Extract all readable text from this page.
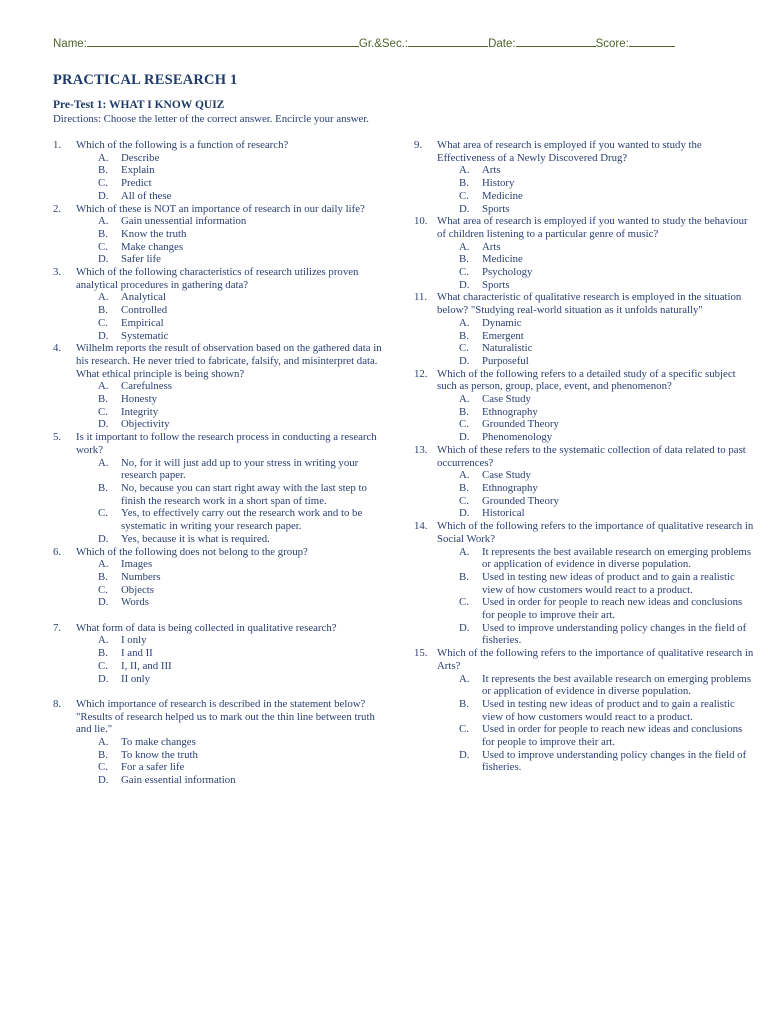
Name:	Gr.&Sec.:	Date:	Score:
PRACTICAL RESEARCH 1
Pre-Test 1: WHAT I KNOW QUIZ

Directions: Choose the letter of the correct answer. Encircle your answer.

1.	Which of the following is a function of research?
A.	Describe
B.	Explain
C.	Predict
D.	All of these
2.	Which of these is NOT an importance of research in our daily life?
A.	Gain unessential information
B.	Know the truth
C.	Make changes
D.	Safer life
3.	Which of the following characteristics of research utilizes proven analytical procedures in gathering data?
A.	Analytical
B.	Controlled
C.	Empirical
D.	Systematic
4.	Wilhelm reports the result of observation based on the gathered data in his research. He never tried to fabricate, falsify, and misinterpret data. What ethical principle is being shown?
A.	Carefulness
B.	Honesty
C.	Integrity
D.	Objectivity
5.	Is it important to follow the research process in conducting a research work?
A.	No, for it will just add up to your stress in writing your research paper.
B.	No, because you can start right away with the last step to finish the research work in a short span of time.
C.	Yes, to effectively carry out the research work and to be systematic in writing your research paper.
D.	Yes, because it is what is required.
6.	Which of the following does not belong to the group?
A.	Images
B.	Numbers
C.	Objects
D.	Words
7.	What form of data is being collected in qualitative research?
A.	I only
B.	I and II
C.	I, II, and III
D.	II only
8.	Which importance of research is described in the statement below? "Results of research helped us to mark out the thin line between truth and lie."
A.	To make changes
B.	To know the truth
C.	For a safer life
D.	Gain essential information
9.	What area of research is employed if you wanted to study the Effectiveness of a Newly Discovered Drug?
A.	Arts
B.	History
C.	Medicine
D.	Sports
10. What area of research is employed if you wanted to study the behaviour of children listening to a particular genre of music?
A.	Arts
B.	Medicine
C.	Psychology
D.	Sports
11. What characteristic of qualitative research is employed in the situation below? "Studying real-world situation as it unfolds naturally"
A.	Dynamic
B.	Emergent
C.	Naturalistic
D.	Purposeful
12. Which of the following refers to a detailed study of a specific subject such as person, group, place, event, and phenomenon?
A.	Case Study
B.	Ethnography
C.	Grounded Theory
D.	Phenomenology
13. Which of these refers to the systematic collection of data related to past occurrences?
A.	Case Study
B.	Ethnography
C.	Grounded Theory
D.	Historical
14. Which of the following refers to the importance of qualitative research in Social Work?
A.	It represents the best available research on emerging problems or application of evidence in diverse population.
B.	Used in testing new ideas of product and to gain a realistic view of how customers would react to a product.
C.	Used in order for people to reach new ideas and conclusions for people to improve their art.
D.	Used to improve understanding policy changes in the field of fisheries.
15. Which of the following refers to the importance of qualitative research in Arts?
A.	It represents the best available research on emerging problems or application of evidence in diverse population.
B.	Used in testing new ideas of product and to gain a realistic view of how customers would react to a product.
C.	Used in order for people to reach new ideas and conclusions for people to improve their art.
D.	Used to improve understanding policy changes in the field of fisheries.
